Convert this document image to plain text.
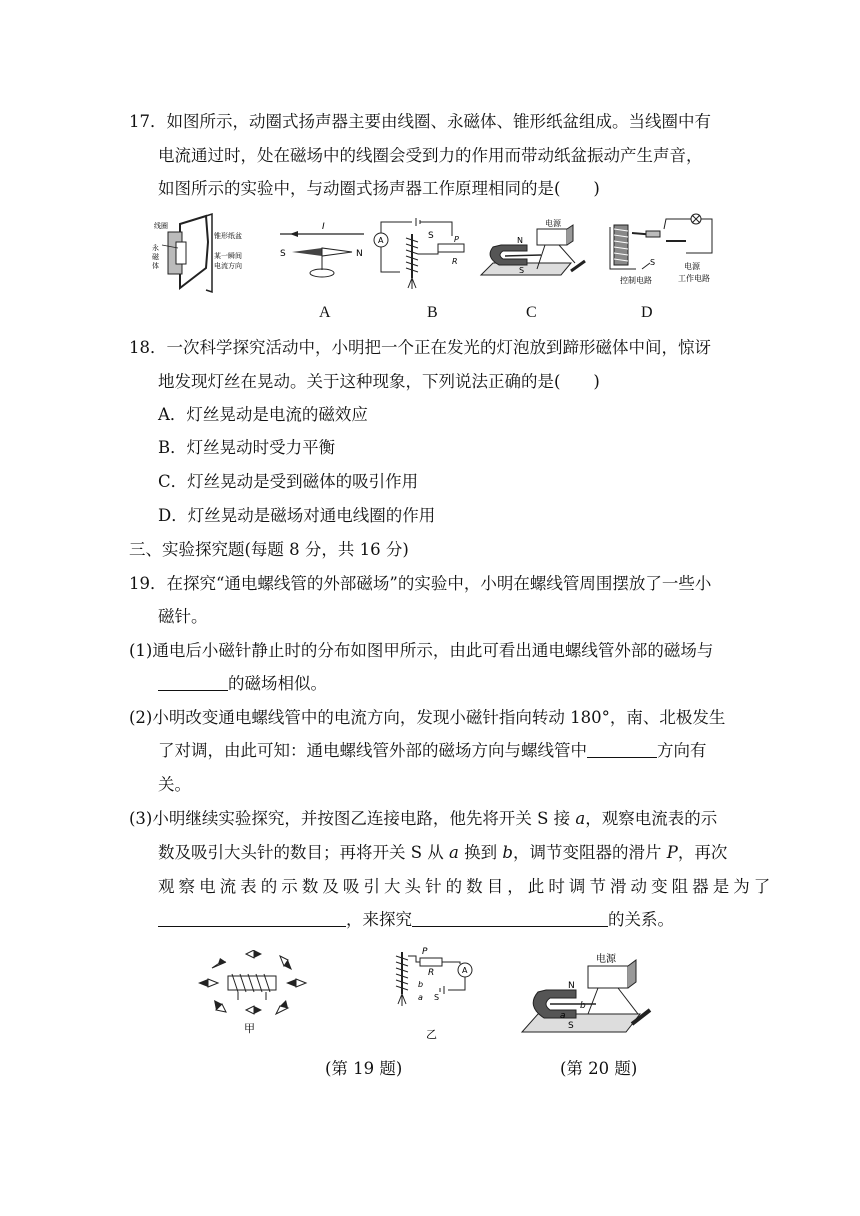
17．如图所示，动圈式扬声器主要由线圈、永磁体、锥形纸盆组成。当线圈中有
电流通过时，处在磁场中的线圈会受到力的作用而带动纸盆振动产生声音，
如图所示的实验中，与动圈式扬声器工作原理相同的是(　　)
线圈
锥形纸盆
永
磁
体
某一瞬间
电流方向
I
S	N
A	S	P
R
电源
N
S
S
控制电路
电源
工作电路
A	B	C	D
18．一次科学探究活动中，小明把一个正在发光的灯泡放到蹄形磁体中间，惊讶
地发现灯丝在晃动。关于这种现象，下列说法正确的是(　　)
A．灯丝晃动是电流的磁效应
B．灯丝晃动时受力平衡
C．灯丝晃动是受到磁体的吸引作用
D．灯丝晃动是磁场对通电线圈的作用
三、实验探究题(每题 8 分，共 16 分)
19．在探究“通电螺线管的外部磁场”的实验中，小明在螺线管周围摆放了一些小
磁针。
(1)通电后小磁针静止时的分布如图甲所示，由此可看出通电螺线管外部的磁场与
的磁场相似。
(2)小明改变通电螺线管中的电流方向，发现小磁针指向转动 180°，南、北极发生
了对调，由此可知：通电螺线管外部的磁场方向与螺线管中	方向有
关。
(3)小明继续实验探究，并按图乙连接电路，他先将开关 S 接 a，观察电流表的示
数及吸引大头针的数目；再将开关 S 从 a 换到 b，调节变阻器的滑片 P，再次
观 察 电 流 表 的 示 数 及 吸 引 大 头 针 的 数 目 ， 此 时 调 节 滑 动 变 阻 器 是 为 了
，来探究	的关系。
甲
P
R	A
b
a S
乙
电源
N
b
a
S
(第 19 题)	(第 20 题)
